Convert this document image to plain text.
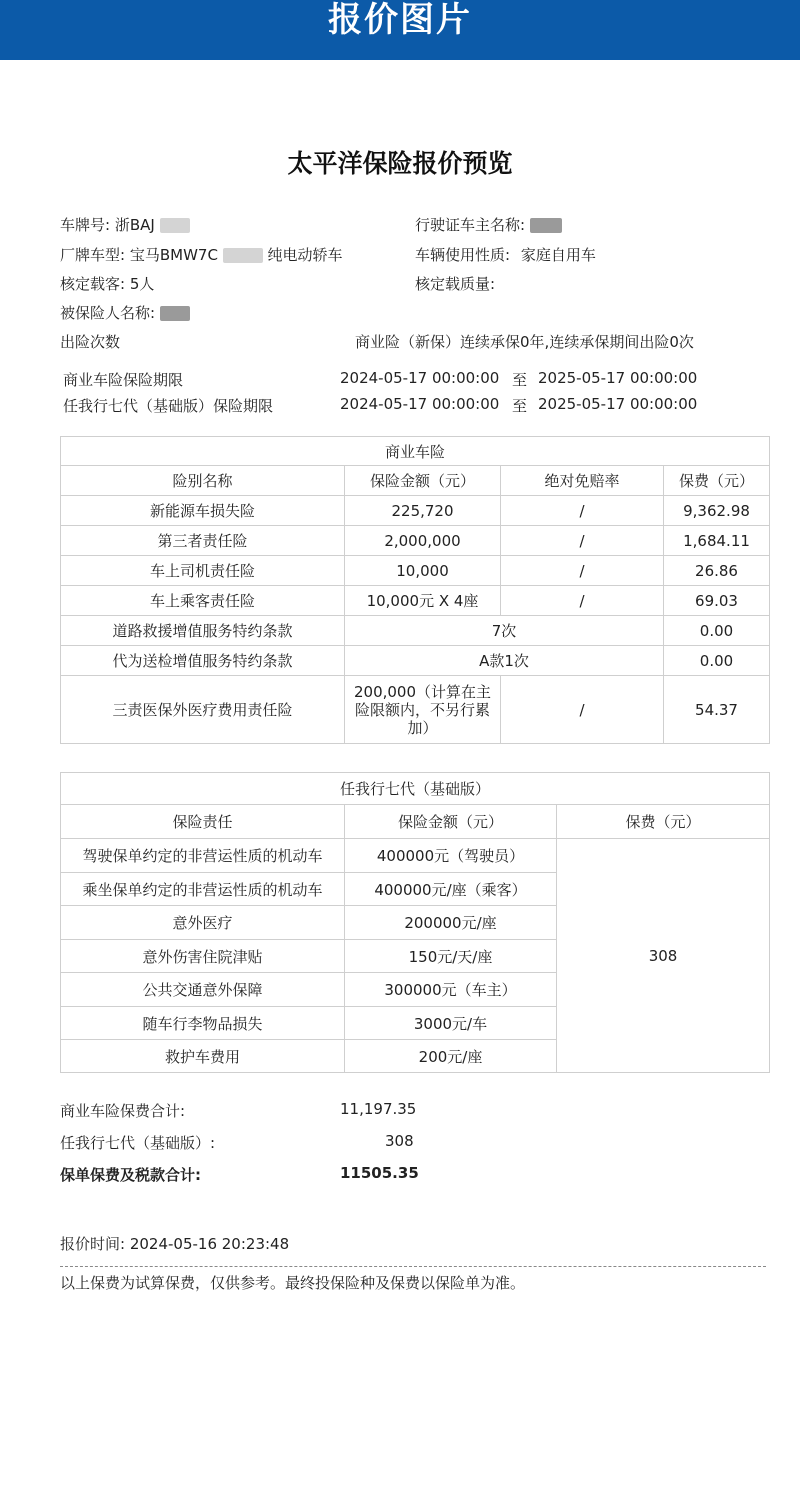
报价图片
太平洋保险报价预览
车牌号: 浙BAJ	行驶证车主名称:
厂牌车型: 宝马BMW7C	纯电动轿车	车辆使用性质: 家庭自用车
核定载客: 5人	核定载质量:
被保险人名称:
出险次数	商业险（新保）连续承保0年,连续承保期间出险0次
商业车险保险期限	2024-05-17 00:00:00 至 2025-05-17 00:00:00
任我行七代（基础版）保险期限	2024-05-17 00:00:00 至 2025-05-17 00:00:00
商业车险			
险别名称	保险金额（元）	绝对免赔率	保费（元）
新能源车损失险	225,720	/	9,362.98
第三者责任险	2,000,000	/	1,684.11
车上司机责任险	10,000	/	26.86
车上乘客责任险	10,000元 X 4座	/	69.03
道路救援增值服务特约条款	7次		0.00
代为送检增值服务特约条款	A款1次		0.00
三责医保外医疗费用责任险	200,000（计算在主险限额内，不另行累加）	/	54.37
任我行七代（基础版）		
保险责任	保险金额（元）	保费（元）
驾驶保单约定的非营运性质的机动车	400000元（驾驶员）	308
乘坐保单约定的非营运性质的机动车	400000元/座（乘客）	
意外医疗	200000元/座	
意外伤害住院津贴	150元/天/座	
公共交通意外保障	300000元（车主）	
随车行李物品损失	3000元/车	
救护车费用	200元/座	
商业车险保费合计:	11,197.35
任我行七代（基础版）:	308
保单保费及税款合计:	11505.35
报价时间: 2024-05-16 20:23:48
以上保费为试算保费，仅供参考。最终投保险种及保费以保险单为准。
